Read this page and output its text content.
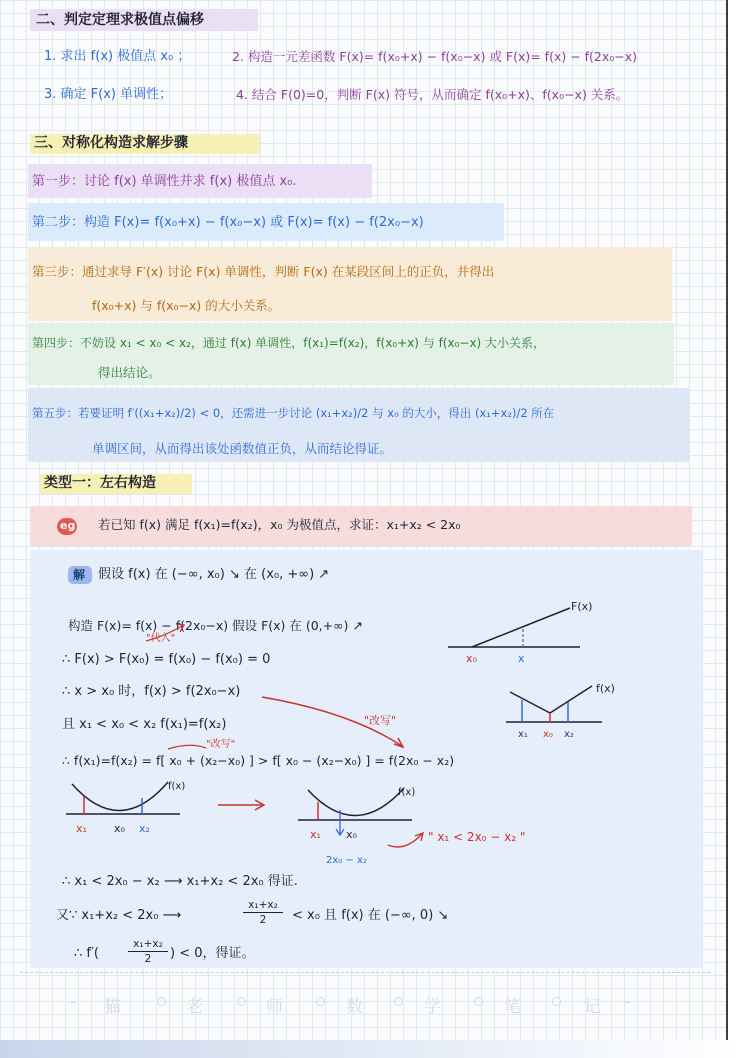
二、判定定理求极值点偏移
1. 求出 f(x) 极值点 x₀ ；	2. 构造一元差函数 F(x)= f(x₀+x) − f(x₀−x) 或 F(x)= f(x) − f(2x₀−x)
3. 确定 F(x) 单调性；	4. 结合 F(0)=0，判断 F(x) 符号，从而确定 f(x₀+x)、f(x₀−x) 关系。
三、对称化构造求解步骤
第一步：讨论 f(x) 单调性并求 f(x) 极值点 x₀.
第二步：构造 F(x)= f(x₀+x) − f(x₀−x) 或 F(x)= f(x) − f(2x₀−x)
第三步：通过求导 F′(x) 讨论 F(x) 单调性，判断 F(x) 在某段区间上的正负，并得出
f(x₀+x) 与 f(x₀−x) 的大小关系。
第四步：不妨设 x₁ < x₀ < x₂，通过 f(x) 单调性，f(x₁)=f(x₂)，f(x₀+x) 与 f(x₀−x) 大小关系，
得出结论。
第五步：若要证明 f′((x₁+x₂)/2) < 0，还需进一步讨论 (x₁+x₂)/2 与 x₀ 的大小，得出 (x₁+x₂)/2 所在
单调区间，从而得出该处函数值正负，从而结论得证。
类型一：左右构造
eg 若已知 f(x) 满足 f(x₁)=f(x₂)，x₀ 为极值点，求证：x₁+x₂ < 2x₀
解 假设 f(x) 在 (−∞, x₀) ↘ 在 (x₀, +∞) ↗
构造 F(x)= f(x) − f(2x₀−x) 假设 F(x) 在 (0,+∞) ↗
"代入"
∴ F(x) > F(x₀) = f(x₀) − f(x₀) = 0
∴ x > x₀ 时，f(x) > f(2x₀−x)
"改写"
且 x₁ < x₀ < x₂ f(x₁)=f(x₂)
∴ f(x₁)=f(x₂) = f[ x₀ + (x₂−x₀) ] > f[ x₀ − (x₂−x₀) ] = f(2x₀ − x₂)
"改写"
" x₁ < 2x₀ − x₂ "
∴ x₁ < 2x₀ − x₂ ⟶ x₁+x₂ < 2x₀ 得证.
又∵ x₁+x₂ < 2x₀ ⟶	$\frac{\text{x₁+x₂}}{2} < x_0$ 且 f(x) 在 (−∞, 0) ↘
∴ f′(	$\frac{\text{x₁+x₂}}{2}$ ) < 0，得证。
F(x)
x₀	x
f(x)
x₁ x₀ x₂
f(x)
x₁ x₀ x₂
f(x)
x₁ x₀
2x₀ − x₂
- 猫	老	师	数	学	笔	记 -
